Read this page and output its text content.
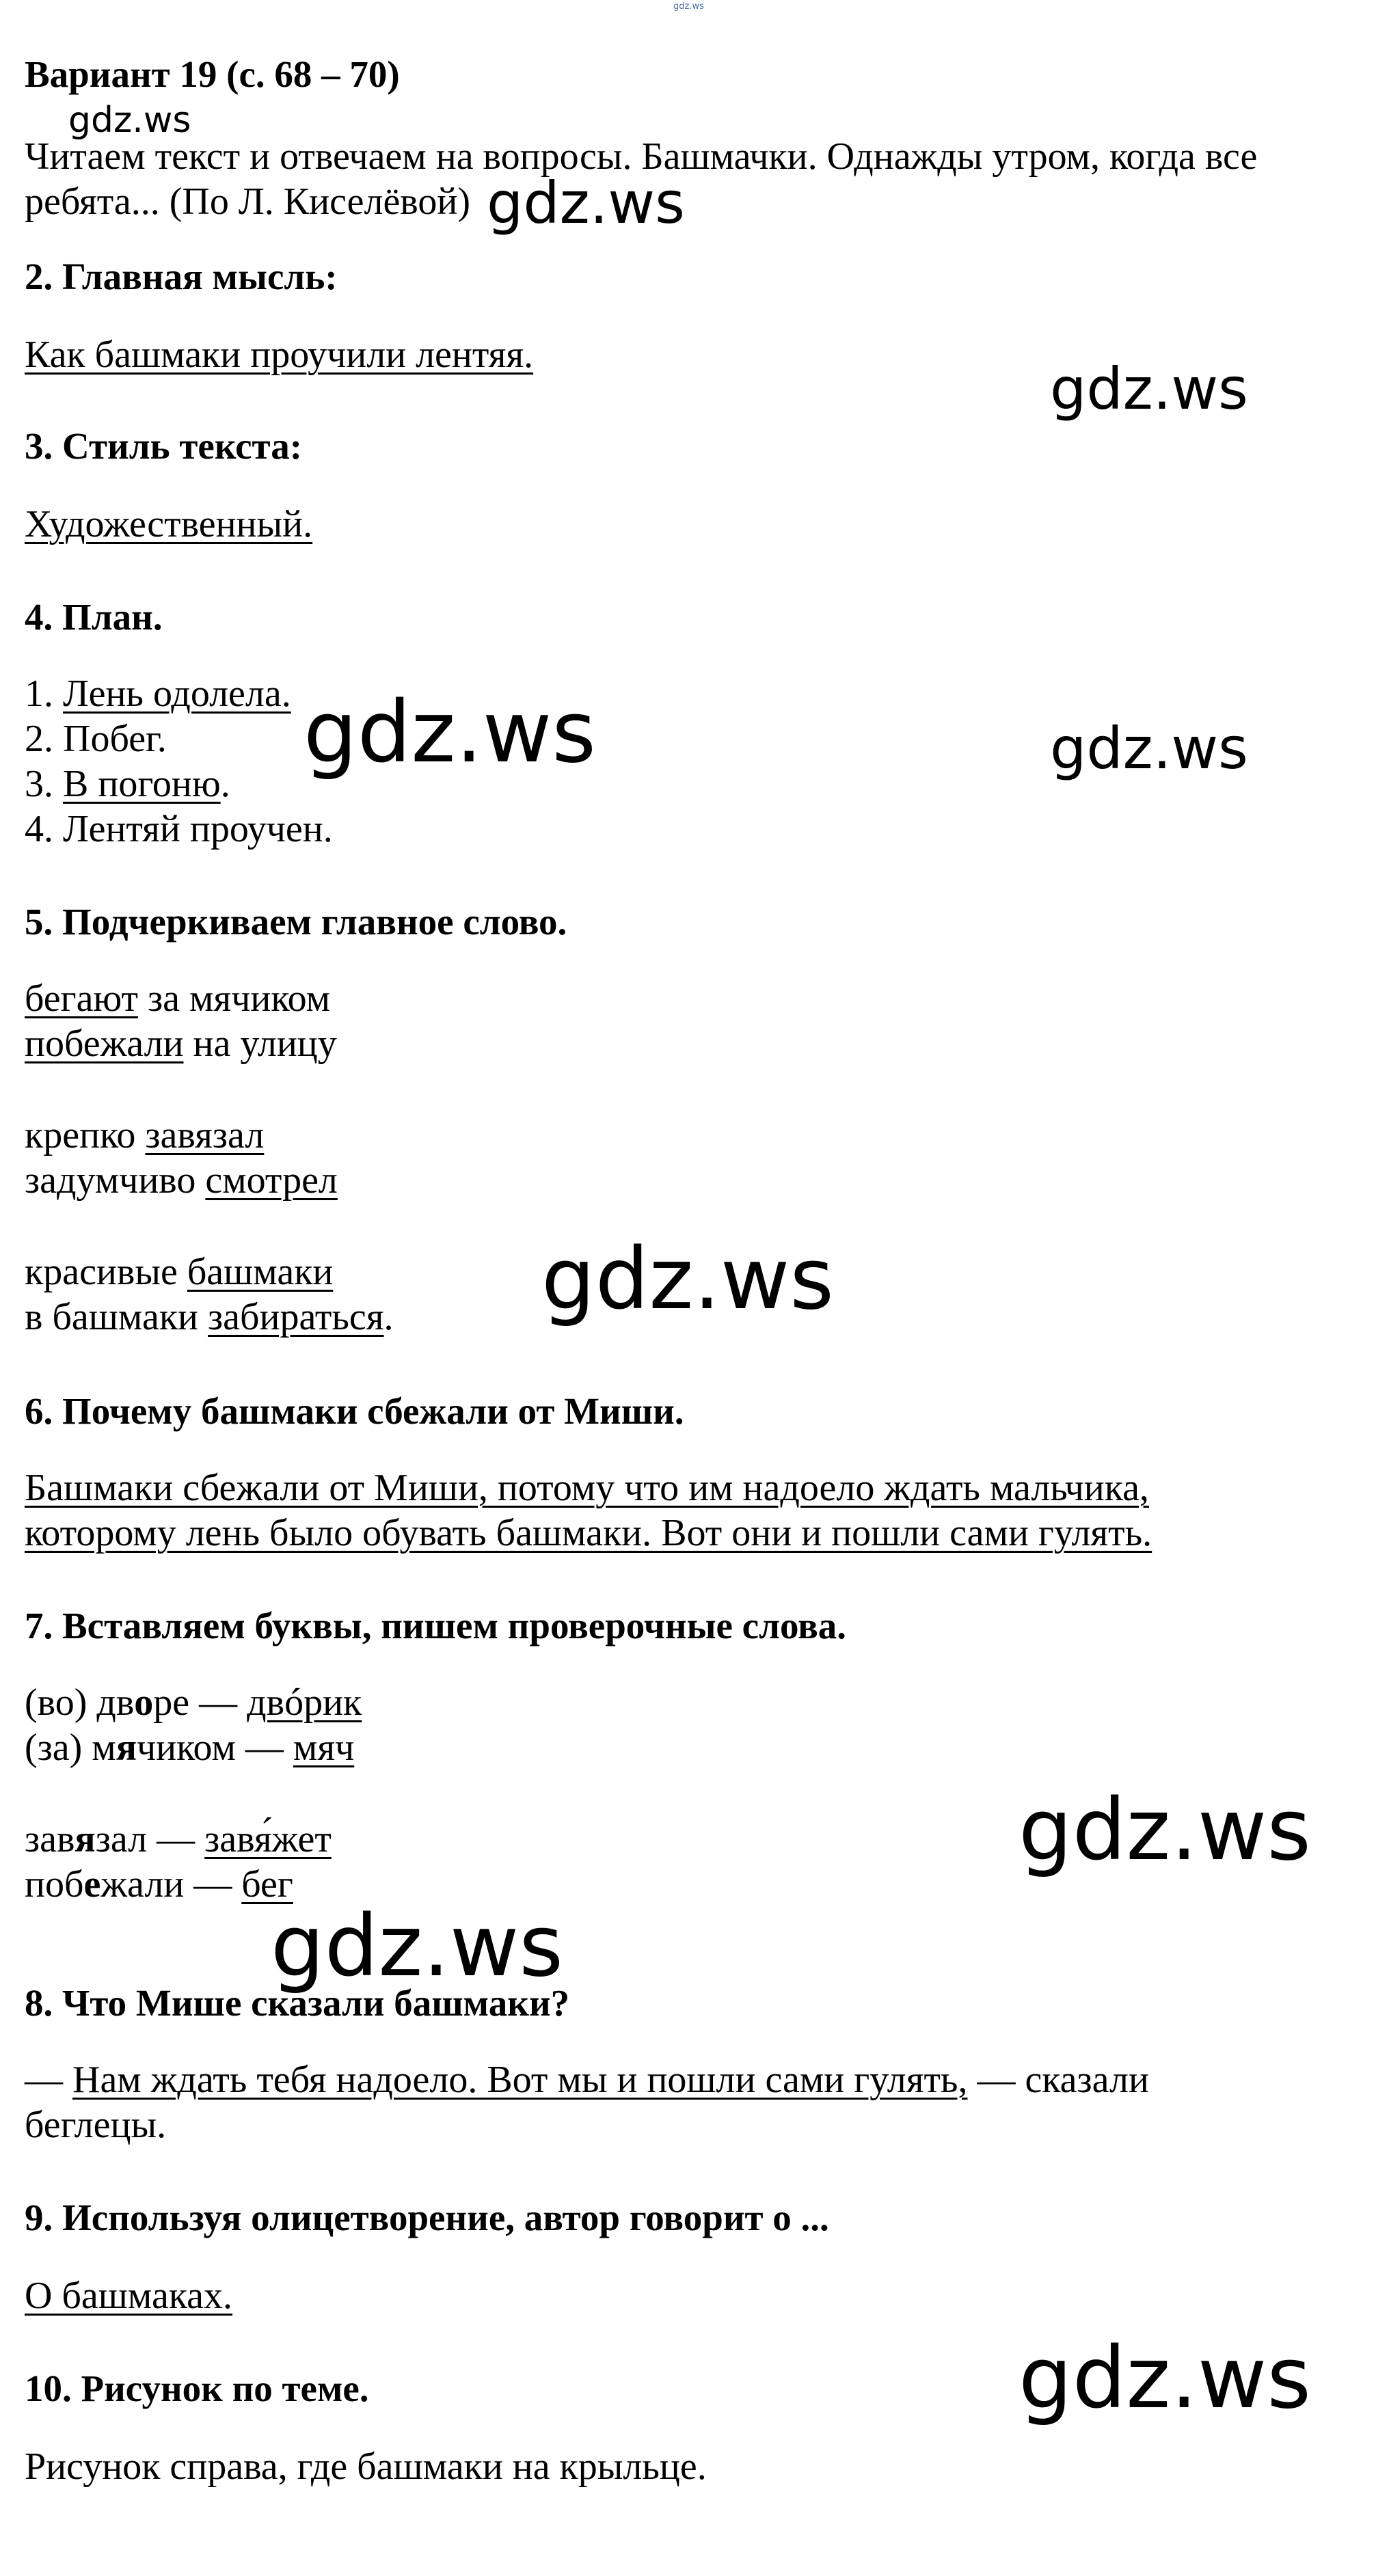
gdz.ws
Вариант 19 (с. 68 – 70)
Читаем текст и отвечаем на вопросы. Башмачки. Однажды утром, когда все
ребята... (По Л. Киселёвой)
2. Главная мысль:
Как башмаки проучили лентяя.
3. Стиль текста:
Художественный.
4. План.
1. Лень одолела.
2. Побег.
3. В погоню.
4. Лентяй проучен.
5. Подчеркиваем главное слово.
бегают за мячиком
побежали на улицу
крепко завязал
задумчиво смотрел
красивые башмаки
в башмаки забираться.
6. Почему башмаки сбежали от Миши.
Башмаки сбежали от Миши, потому что им надоело ждать мальчика,
которому лень было обувать башмаки. Вот они и пошли сами гулять.
7. Вставляем буквы, пишем проверочные слова.
(во) дворе — двóрик
(за) мячиком — мяч
завязал — завя́жет
побежали — бег
8. Что Мише сказали башмаки?
— Нам ждать тебя надоело. Вот мы и пошли сами гулять, — сказали
беглецы.
9. Используя олицетворение, автор говорит о ...
О башмаках.
10. Рисунок по теме.
Рисунок справа, где башмаки на крыльце.
gdz.ws
gdz.ws
gdz.ws
gdz.ws	gdz.ws
gdz.ws
gdz.ws
gdz.ws
gdz.ws
